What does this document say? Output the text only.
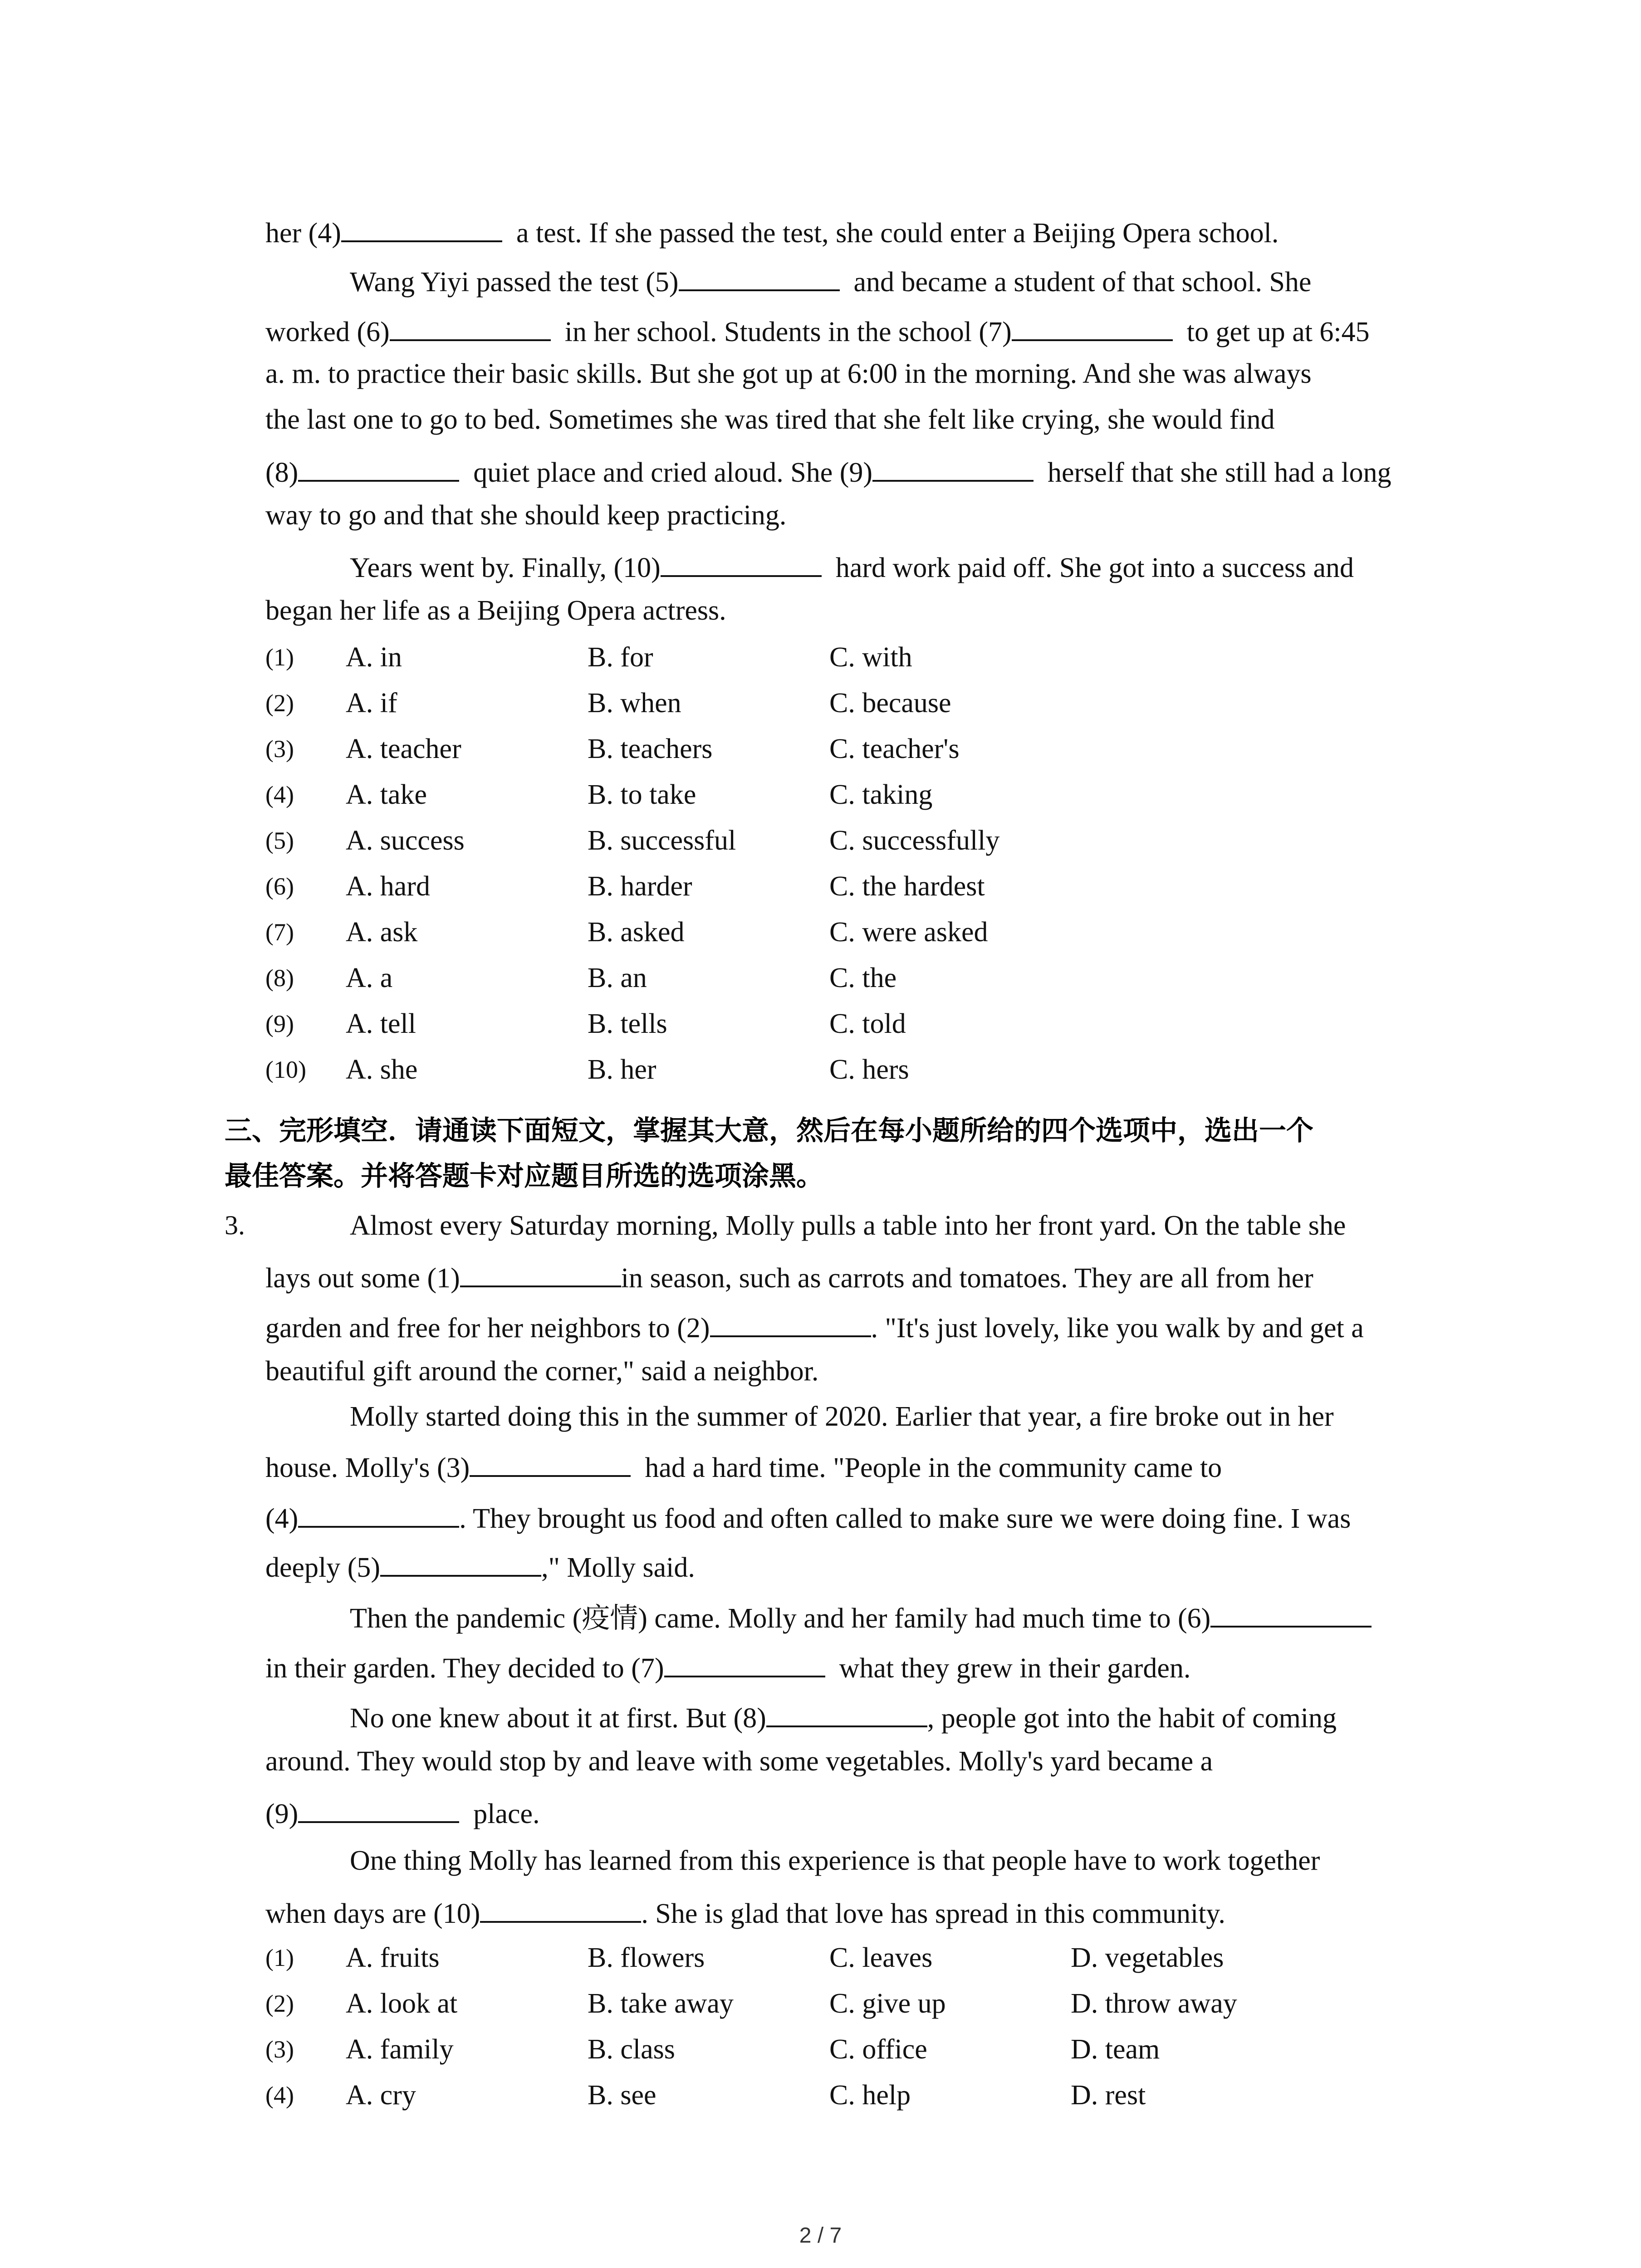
her (4)	a test. If she passed the test, she could enter a Beijing Opera school.
Wang Yiyi passed the test (5)	and became a student of that school. She
worked (6)	in her school. Students in the school (7)	to get up at 6:45
a. m. to practice their basic skills. But she got up at 6:00 in the morning. And she was always
the last one to go to bed. Sometimes she was tired that she felt like crying, she would find
(8)	quiet place and cried aloud. She (9)	herself that she still had a long
way to go and that she should keep practicing.
Years went by. Finally, (10)	hard work paid off. She got into a success and
began her life as a Beijing Opera actress.
(1) A. in	B. for	C. with
(2) A. if	B. when	C. because
(3) A. teacher	B. teachers	C. teacher's
(4) A. take	B. to take	C. taking
(5) A. success	B. successful	C. successfully
(6) A. hard	B. harder	C. the hardest
(7) A. ask	B. asked	C. were asked
(8) A. a	B. an	C. the
(9) A. tell	B. tells	C. told
(10) A. she	B. her	C. hers
三、完形填空．请通读下面短文，掌握其大意，然后在每小题所给的四个选项中，选出一个
最佳答案。并将答题卡对应题目所选的选项涂黑。
3. Almost every Saturday morning, Molly pulls a table into her front yard. On the table she
lays out some (1)	in season, such as carrots and tomatoes. They are all from her
garden and free for her neighbors to (2)	. "It's just lovely, like you walk by and get a
beautiful gift around the corner," said a neighbor.
Molly started doing this in the summer of 2020. Earlier that year, a fire broke out in her
house. Molly's (3)	had a hard time. "People in the community came to
(4)	. They brought us food and often called to make sure we were doing fine. I was
deeply (5)	," Molly said.
Then the pandemic (疫情) came. Molly and her family had much time to (6)
in their garden. They decided to (7)	what they grew in their garden.
No one knew about it at first. But (8)	, people got into the habit of coming
around. They would stop by and leave with some vegetables. Molly's yard became a
(9)	place.
One thing Molly has learned from this experience is that people have to work together
when days are (10)	. She is glad that love has spread in this community.
(1) A. fruits	B. flowers	C. leaves	D. vegetables
(2) A. look at	B. take away	C. give up	D. throw away
(3) A. family	B. class	C. office	D. team
(4) A. cry	B. see	C. help	D. rest
2 / 7
